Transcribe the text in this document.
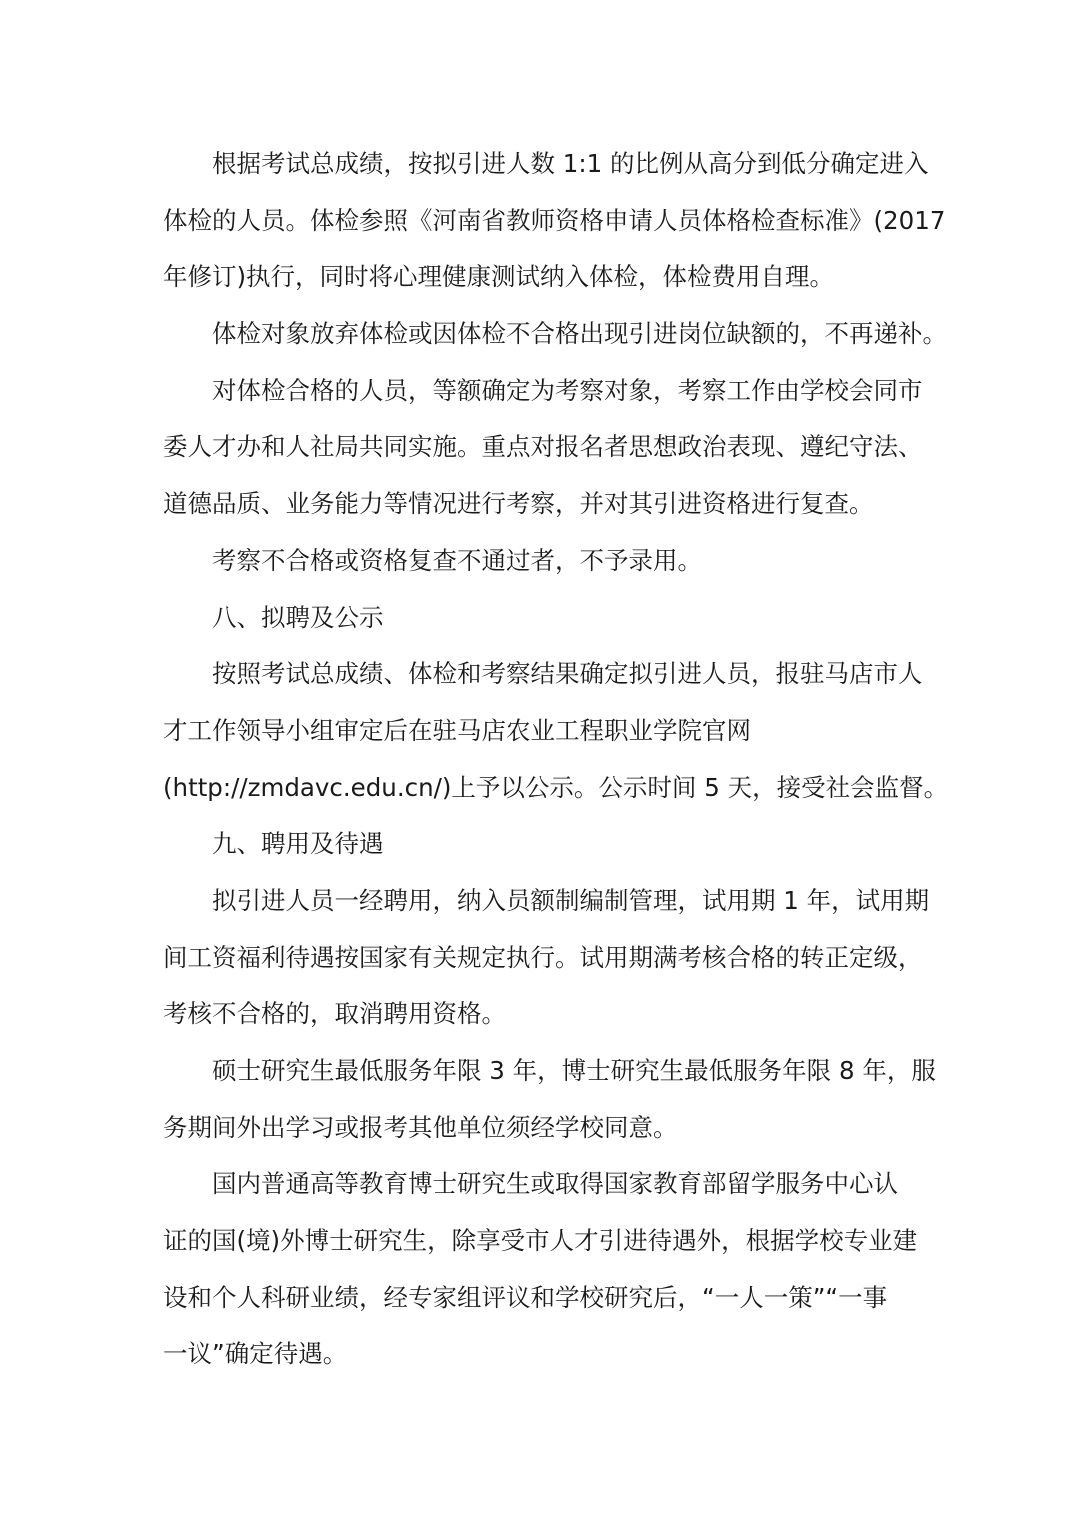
根据考试总成绩，按拟引进人数 1:1 的比例从高分到低分确定进入
体检的人员。体检参照《河南省教师资格申请人员体格检查标准》(2017
年修订)执行，同时将心理健康测试纳入体检，体检费用自理。
体检对象放弃体检或因体检不合格出现引进岗位缺额的，不再递补。
对体检合格的人员，等额确定为考察对象，考察工作由学校会同市
委人才办和人社局共同实施。重点对报名者思想政治表现、遵纪守法、
道德品质、业务能力等情况进行考察，并对其引进资格进行复查。
考察不合格或资格复查不通过者，不予录用。
八、拟聘及公示
按照考试总成绩、体检和考察结果确定拟引进人员，报驻马店市人
才工作领导小组审定后在驻马店农业工程职业学院官网
(http://zmdavc.edu.cn/)上予以公示。公示时间 5 天，接受社会监督。
九、聘用及待遇
拟引进人员一经聘用，纳入员额制编制管理，试用期 1 年，试用期
间工资福利待遇按国家有关规定执行。试用期满考核合格的转正定级，
考核不合格的，取消聘用资格。
硕士研究生最低服务年限 3 年，博士研究生最低服务年限 8 年，服
务期间外出学习或报考其他单位须经学校同意。
国内普通高等教育博士研究生或取得国家教育部留学服务中心认
证的国(境)外博士研究生，除享受市人才引进待遇外，根据学校专业建
设和个人科研业绩，经专家组评议和学校研究后，“一人一策”“一事
一议”确定待遇。
